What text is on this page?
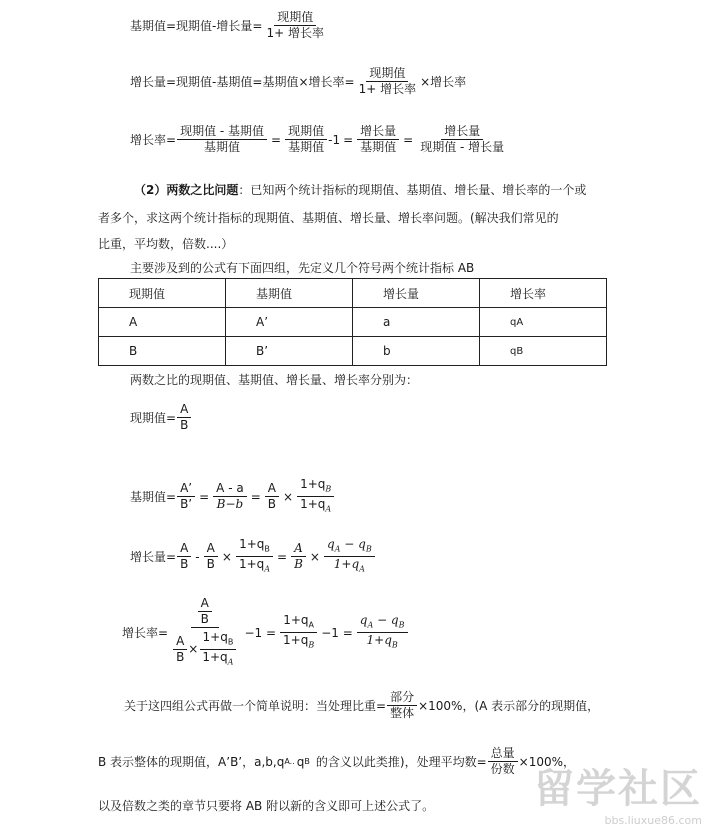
基期值=现期值-增长量= $\frac{\text{现期值}}{\text{1+ 增长率}}$
增长量=现期值-基期值=基期值×增长率= $\frac{\text{现期值}}{\text{1+ 增长率}}$ ×增长率
增长率= $\frac{\text{现期值 - 基期值}}{\text{基期值}} = \frac{\text{现期值}}{\text{基期值}} -1 = \frac{\text{增长量}}{\text{基期值}} = \frac{\text{增长量}}{\text{现期值 - 增长量}}$
（2）两数之比问题：已知两个统计指标的现期值、基期值、增长量、增长率的一个或
者多个，求这两个统计指标的现期值、基期值、增长量、增长率问题。(解决我们常见的
比重，平均数，倍数....）
主要涉及到的公式有下面四组，先定义几个符号两个统计指标 AB
现期值	基期值	增长量	增长率
A	A’	a	qA
B	B’	b	qB
两数之比的现期值、基期值、增长量、增长率分别为：
现期值= $\frac{A}{B}$
基期值= $\frac{A’}{B’} = \frac{A - a}{B-b} = \frac{A}{B} \times \frac{1+q_B}{1+q_A}$
增长量= $\frac{A}{B} - \frac{A}{B} \times \frac{1+q_B}{1+q_A} = \frac{A}{B} \times \frac{q_A - q_B}{1+q_A}$
增长率=
$\frac{A}{B}$
$\frac{A}{B} \times \frac{1+q_B}{1+q_A} -1 = \frac{1+q_A}{1+q_B} -1 = \frac{q_A - q_B}{1+q_B}$
关于这四组公式再做一个简单说明：当处理比重= $\frac{\text{部分}}{\text{整体}} \times 100\%$，(A 表示部分的现期值，
B 表示整体的现期值，A’B’，a,b,q A.. q B 的含义以此类推)，处理平均数= $\frac{\text{总量}}{\text{份数}} \times 100\%$，
以及倍数之类的章节只要将 AB 附以新的含义即可上述公式了。 留学社区
bbs.liuxue86.com
